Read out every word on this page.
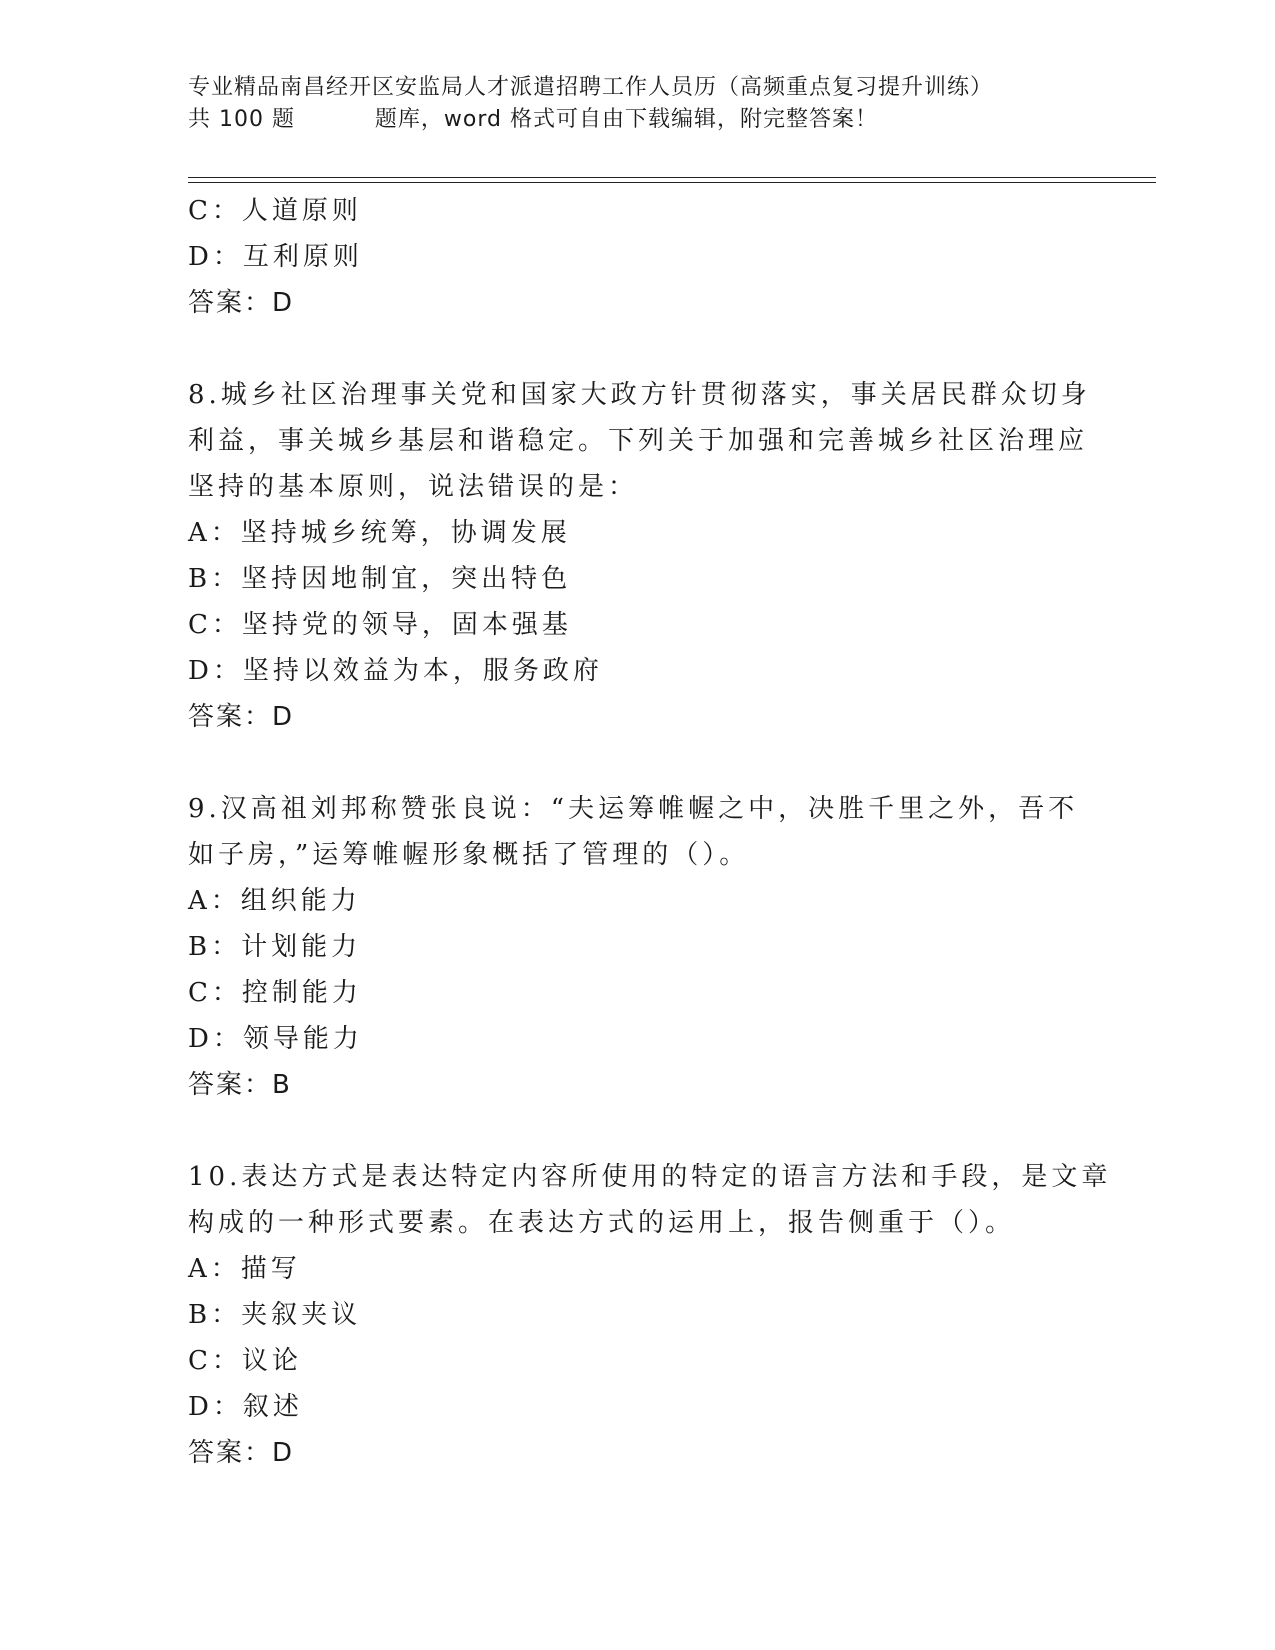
专业精品南昌经开区安监局人才派遣招聘工作人员历（高频重点复习提升训练）
共 100 题          题库，word 格式可自由下载编辑，附完整答案！
C：人道原则
D：互利原则
答案：D
8.城乡社区治理事关党和国家大政方针贯彻落实，事关居民群众切身
利益，事关城乡基层和谐稳定。下列关于加强和完善城乡社区治理应
坚持的基本原则，说法错误的是：
A：坚持城乡统筹，协调发展
B：坚持因地制宜，突出特色
C：坚持党的领导，固本强基
D：坚持以效益为本，服务政府
答案：D
9.汉高祖刘邦称赞张良说：“夫运筹帷幄之中，决胜千里之外，吾不
如子房，”运筹帷幄形象概括了管理的（）。
A：组织能力
B：计划能力
C：控制能力
D：领导能力
答案：B
10.表达方式是表达特定内容所使用的特定的语言方法和手段，是文章
构成的一种形式要素。在表达方式的运用上，报告侧重于（）。
A：描写
B：夹叙夹议
C：议论
D：叙述
答案：D
